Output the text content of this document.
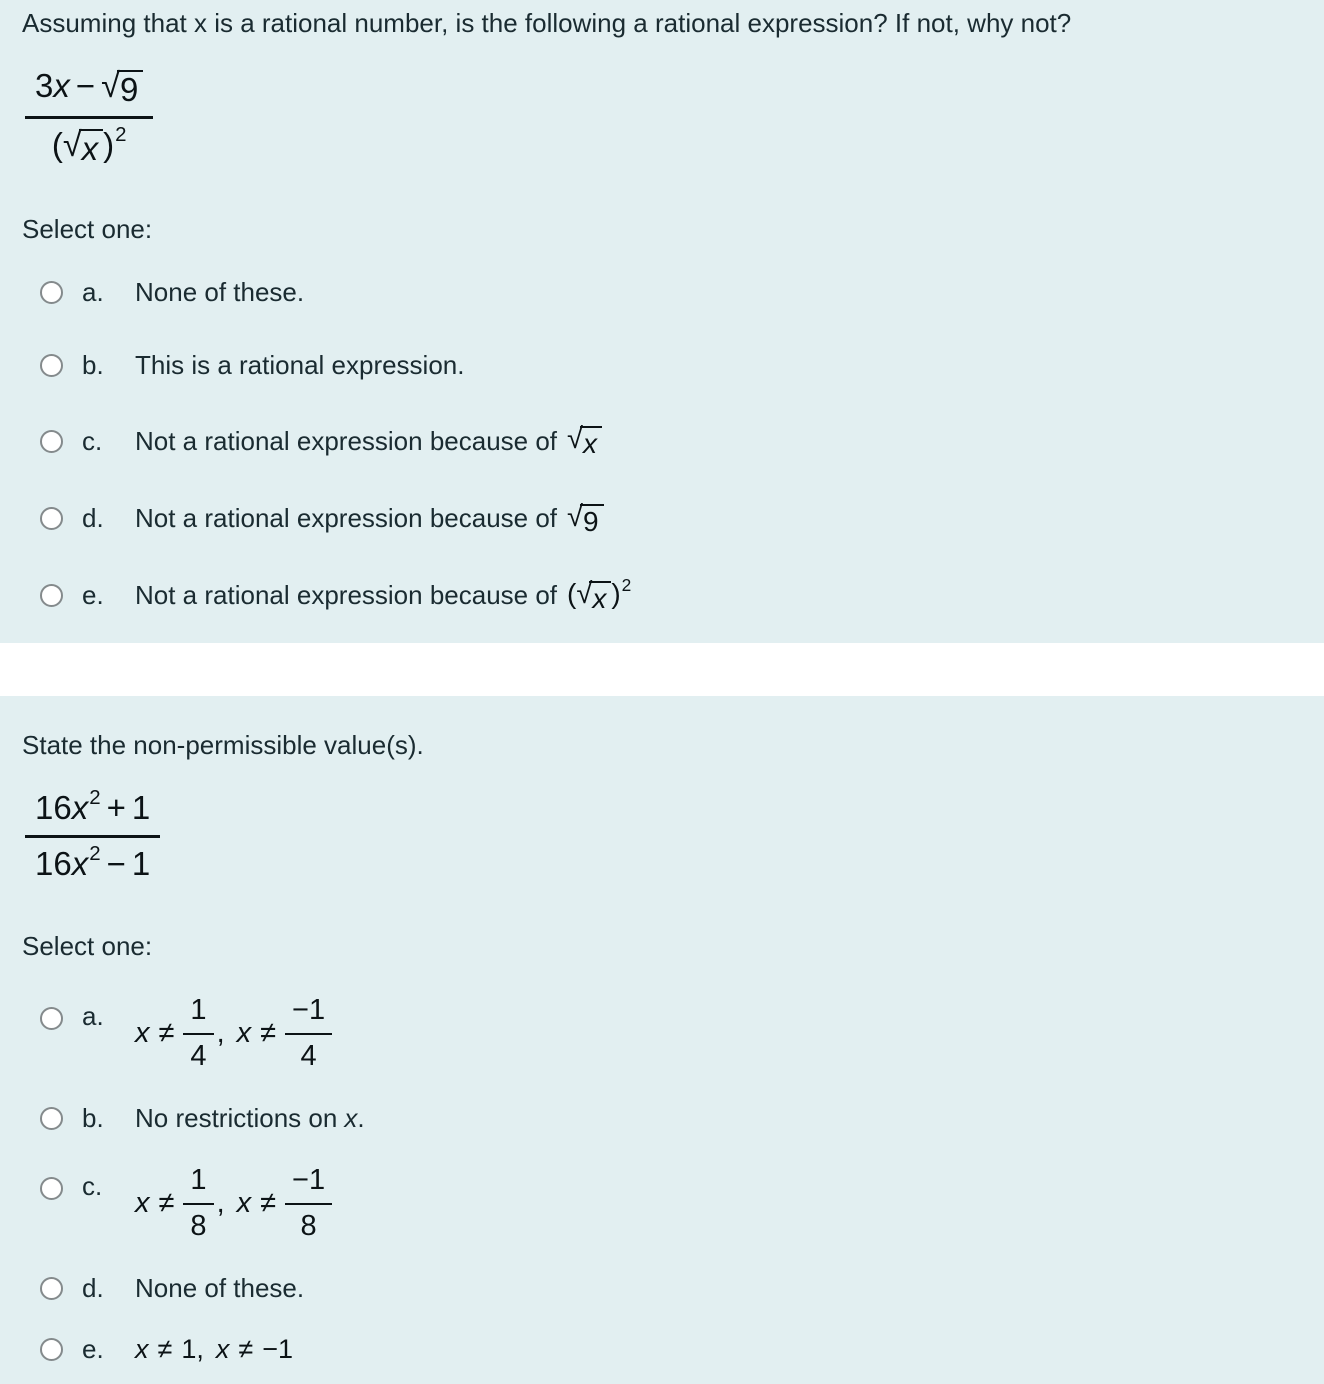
Assuming that x is a rational number, is the following a rational expression? If not, why not?

$\frac{3x - √ 9}{( √ x )^2}$

Select one:

a.	None of these.
b.	This is a rational expression.
c.	Not a rational expression because of √ x
d.	Not a rational expression because of √ 9
e.	Not a rational expression because of ( √ x )$^2$

State the non-permissible value(s).

$\frac{16x^2 + 1}{16x^2 - 1}$

Select one:

a.
$x \ne \frac{1}{4}$ , $x \ne \frac{-1}{4}$
b.	No restrictions on x .
c.
$x \ne \frac{1}{8}$ , $x \ne \frac{-1}{8}$
d.	None of these.
e.	x ≠ 1, x ≠ −1
